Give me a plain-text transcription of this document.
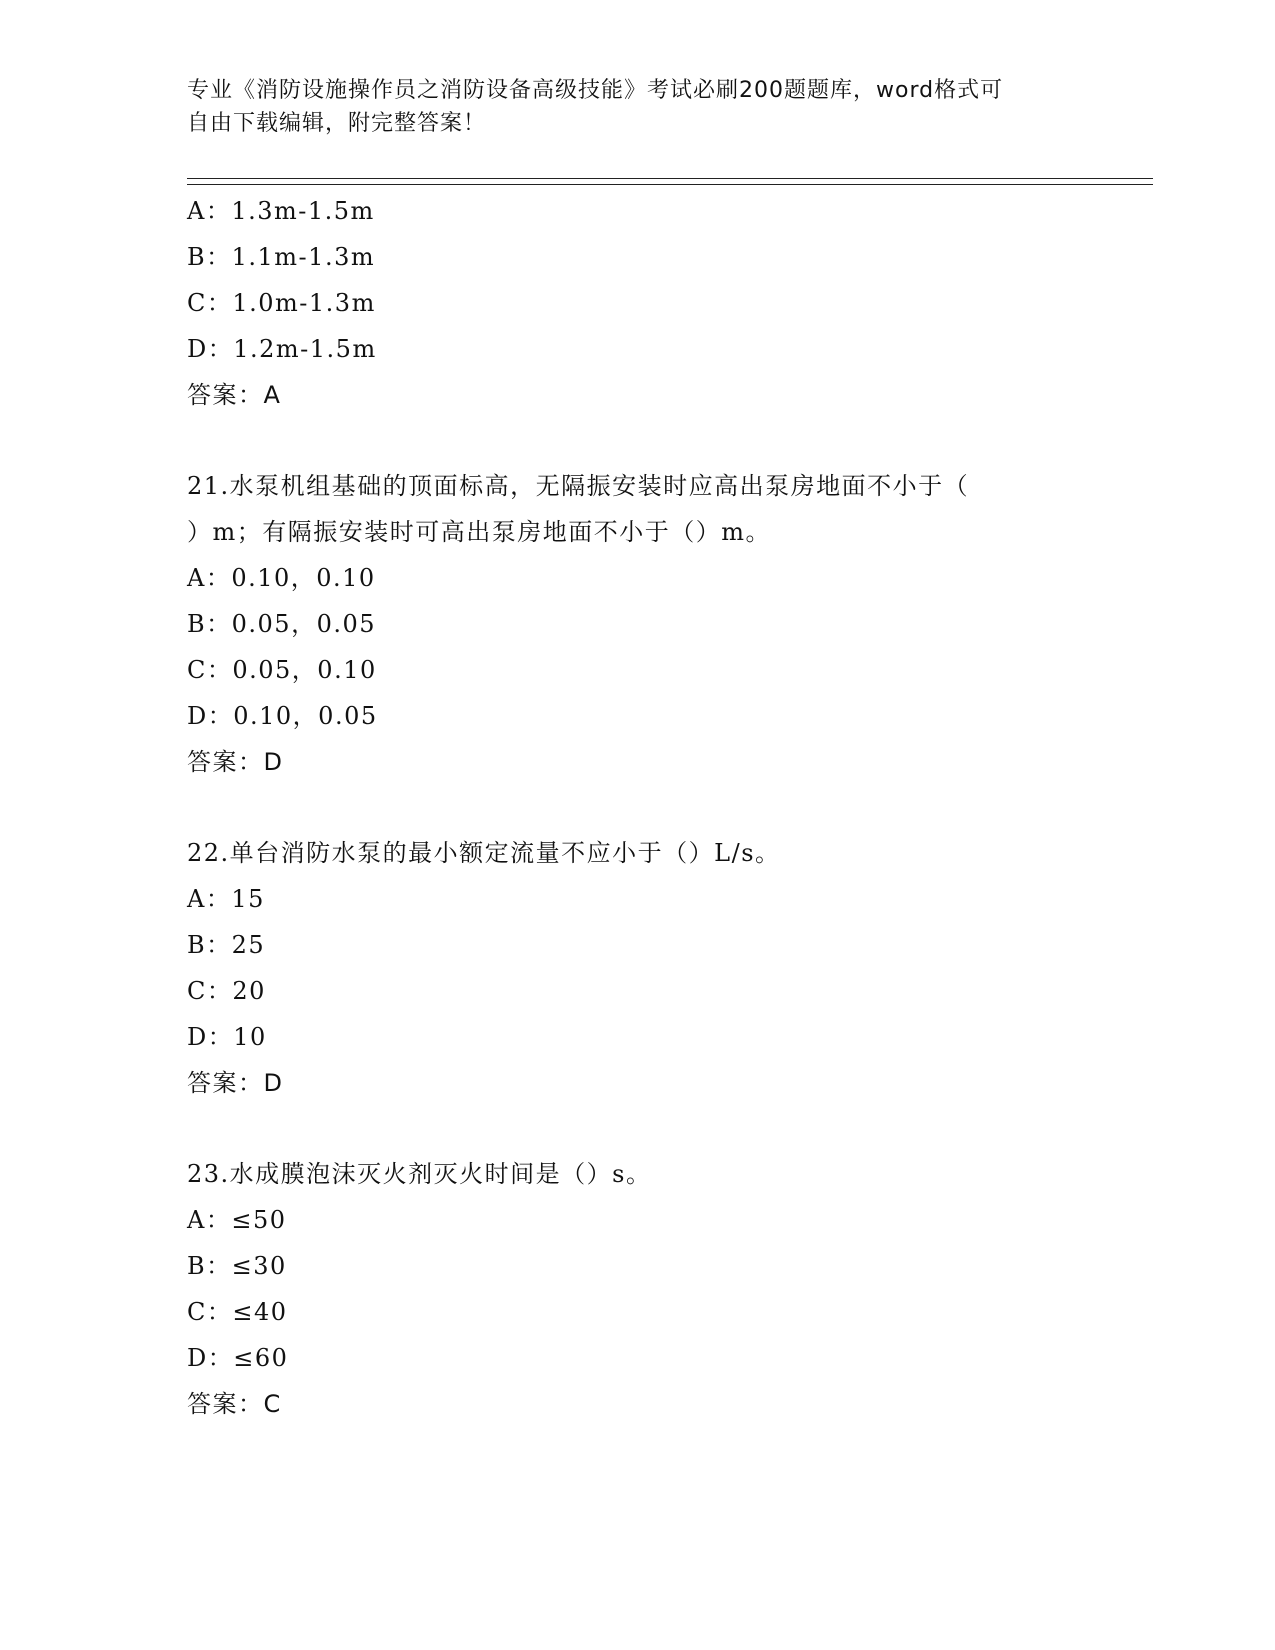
专业《消防设施操作员之消防设备高级技能》考试必刷200题题库，word格式可
自由下载编辑，附完整答案！
A：1.3m-1.5m
B：1.1m-1.3m
C：1.0m-1.3m
D：1.2m-1.5m
答案：A
21.水泵机组基础的顶面标高，无隔振安装时应高出泵房地面不小于（
）m；有隔振安装时可高出泵房地面不小于（）m。
A：0.10，0.10
B：0.05，0.05
C：0.05，0.10
D：0.10，0.05
答案：D
22.单台消防水泵的最小额定流量不应小于（）L/s。
A：15
B：25
C：20
D：10
答案：D
23.水成膜泡沫灭火剂灭火时间是（）s。
A：≤50
B：≤30
C：≤40
D：≤60
答案：C
